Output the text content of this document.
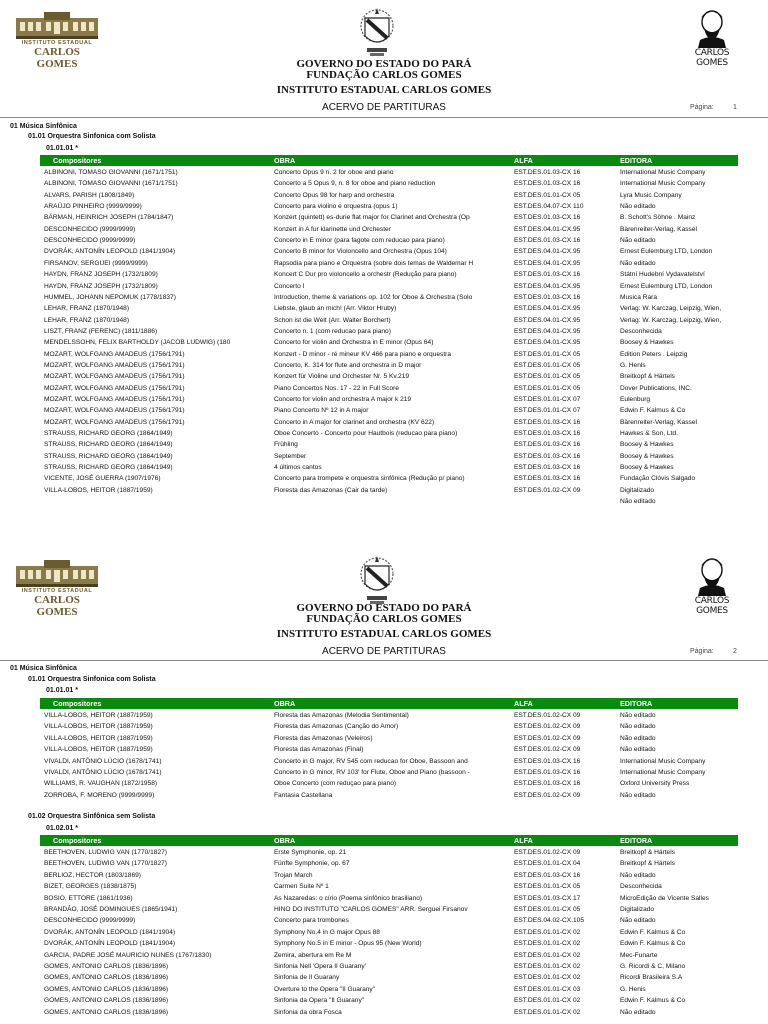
INSTITUTO ESTADUAL
CARLOS GOMES
FUNDAÇÃO
CARLOS GOMES
GOVERNO DO ESTADO DO PARÁ
FUNDAÇÃO CARLOS GOMES
INSTITUTO ESTADUAL CARLOS GOMES
ACERVO DE PARTITURAS	Página:	1
01 Música Sinfônica
01.01 Orquestra Sinfonica com Solista
01.01.01 *
Compositores	OBRA	ALFA	EDITORA
ALBINONI, TOMASO GIOVANNI (1671/1751)	Concerto Opus 9 n. 2 for oboe and piano	EST.DES.01.03-CX 16	International Music Company
ALBINONI, TOMASO GIOVANNI (1671/1751)	Concerto a 5 Opus 9, n. 8 for oboe and piano reduction	EST.DES.01.03-CX 16	International Music Company
ALVARS, PARISH (1808/1849)	Concerto Opus 98 for harp and orchestra	EST.DES.01.01-CX 05	Lyra Music Company
ARAÚJO PINHEIRO (9999/9999)	Concerto para violino e orquestra (opus 1)	EST.DES.04.07-CX 110	Não editado
BÄRMAN, HEINRICH JOSEPH (1784/1847)	Konzert (quintett) es-durie flat major for Clarinet and Orchestra (Op	EST.DES.01.03-CX 16	B. Schott's Söhne . Mainz
DESCONHECIDO (9999/9999)	Konzert in A fur klarinette und Orchester	EST.DES.04.01-CX.95	Bärenreiter-Verlag, Kassel
DESCONHECIDO (9999/9999)	Concerto in E minor (para fagote com reducao para piano)	EST.DES.01.03-CX 16	Não editado
DVORÁK, ANTONÍN LEOPOLD (1841/1904)	Concerto B minor for Violoncello and Orchestra (Opus 104)	EST.DES.04.01-CX.95	Ernest Eulemburg LTD, London
FIRSANOV, SERGUEI (9999/9999)	Rapsodia para piano e Orquestra (sobre dois temas de Waldemar H	EST.DES.04.01-CX.95	Não editado
HAYDN, FRANZ JOSEPH (1732/1809)	Koncert C Dur pro violoncello a orchestr (Redução para piano)	EST.DES.01.03-CX 16	Státní Hudební Vydavatelství
HAYDN, FRANZ JOSEPH (1732/1809)	Concerto I	EST.DES.04.01-CX.95	Ernest Eulemburg LTD, London
HUMMEL, JOHANN NEPOMUK (1778/1837)	Introduction, theme & variations op. 102 for Oboe & Orchestra (Solo	EST.DES.01.03-CX 16	Musica Rara
LEHAR, FRANZ (1870/1948)	Liebste, glaub an mich! (Arr. Viktor Hruby)	EST.DES.04.01-CX.95	Verlag: W. Karczag, Leipzig, Wien,
LEHAR, FRANZ (1870/1948)	Schon ist die Welt (Arr. Walter Borchert)	EST.DES.04.01-CX.95	Verlag: W. Karczag, Leipzig, Wien,
LISZT, FRANZ (FERENC) (1811/1886)	Concerto n. 1 (com reducao para piano)	EST.DES.04.01-CX.95	Desconhecida
MENDELSSOHN, FELIX BARTHOLDY (JACOB LUDWIG) (180	Concerto for violin and Orchestra in E minor (Opus 64)	EST.DES.04.01-CX.95	Boosey & Hawkes
MOZART, WOLFGANG AMADEUS (1756/1791)	Konzert - D minor - ré mineur KV 466 para piano e orquestra	EST.DES.01.01-CX 05	Edition Peters . Leipzig
MOZART, WOLFGANG AMADEUS (1756/1791)	Concerto, K. 314 for flute and orchestra in D major	EST.DES.01.01-CX 05	G. Henls
MOZART, WOLFGANG AMADEUS (1756/1791)	Konzert für Violine und Orchester Nr. 5 Kv.219	EST.DES.01.01-CX 05	Breitkopf & Härtels
MOZART, WOLFGANG AMADEUS (1756/1791)	Piano Concertos Nos. 17 - 22 in Full Score	EST.DES.01.01-CX 05	Dover Publications, INC.
MOZART, WOLFGANG AMADEUS (1756/1791)	Concerto for violin and orchestra A major k 219	EST.DES.01.01-CX 07	Eulenburg
MOZART, WOLFGANG AMADEUS (1756/1791)	Piano Concerto Nº 12 in A major	EST.DES.01.01-CX 07	Edwin F. Kalmus & Co
MOZART, WOLFGANG AMADEUS (1756/1791)	Concerto in A major for clarinet and orchestra (KV 622)	EST.DES.01.03-CX 16	Bärenreiter-Verlag, Kassel
STRAUSS, RICHARD GEORG (1864/1949)	Oboe Concerto - Concerto pour Hautbois (reducao para piano)	EST.DES.01.03-CX 16	Hawkes & Son, Ltd.
STRAUSS, RICHARD GEORG (1864/1949)	Frühling	EST.DES.01.03-CX 16	Boosey & Hawkes
STRAUSS, RICHARD GEORG (1864/1949)	September	EST.DES.01.03-CX 16	Boosey & Hawkes
STRAUSS, RICHARD GEORG (1864/1949)	4 últimos cantos	EST.DES.01.03-CX 16	Boosey & Hawkes
VICENTE, JOSÉ GUERRA (1907/1976)	Concerto para trompete e orquestra sinfônica (Redução p/ piano)	EST.DES.01.03-CX 16	Fundação Clóvis Salgado
VILLA-LOBOS, HEITOR (1887/1959)	Floresta das Amazonas (Cair da tarde)	EST.DES.01.02-CX 09	Digitalizado
Não editado
INSTITUTO ESTADUAL
CARLOS GOMES
FUNDAÇÃO
CARLOS GOMES
GOVERNO DO ESTADO DO PARÁ
FUNDAÇÃO CARLOS GOMES
INSTITUTO ESTADUAL CARLOS GOMES
ACERVO DE PARTITURAS	Página:	2
01 Música Sinfônica
01.01 Orquestra Sinfonica com Solista
01.01.01 *
Compositores	OBRA	ALFA	EDITORA
VILLA-LOBOS, HEITOR (1887/1959)	Floresta das Amazonas (Melodia Sentimental)	EST.DES.01.02-CX 09	Não editado
VILLA-LOBOS, HEITOR (1887/1959)	Floresta das Amazonas (Canção do Amor)	EST.DES.01.02-CX 09	Não editado
VILLA-LOBOS, HEITOR (1887/1959)	Floresta das Amazonas (Veleiros)	EST.DES.01.02-CX 09	Não editado
VILLA-LOBOS, HEITOR (1887/1959)	Floresta das Amazonas (Final)	EST.DES.01.02-CX 09	Não editado
VIVALDI, ANTÔNIO LÚCIO (1678/1741)	Concerto in G major, RV 545 com reducao for Oboe, Bassoon and	EST.DES.01.03-CX 16	International Music Company
VIVALDI, ANTÔNIO LÚCIO (1678/1741)	Concerto in G minor, RV 103' for Flute, Oboe and Piano (bassoon -	EST.DES.01.03-CX 16	International Music Company
WILLIAMS, R. VAUGHAN (1872/1958)	Oboe Concerto (com reduçao para piano)	EST.DES.01.03-CX 16	Oxford University Press
ZORROBA, F. MORENO (9999/9999)	Fantasia Castellana	EST.DES.01.02-CX 09	Não editado
01.02 Orquestra Sinfônica sem Solista
01.02.01 *
Compositores	OBRA	ALFA	EDITORA
BEETHOVEN, LUDWIG VAN (1770/1827)	Erste Symphonie, op. 21	EST.DES.01.02-CX 09	Breitkopf & Härtels
BEETHOVEN, LUDWIG VAN (1770/1827)	Fünfte Symphonie, op. 67	EST.DES.01.01-CX 04	Breitkopf & Härtels
BERLIOZ, HECTOR (1803/1869)	Trojan March	EST.DES.01.03-CX 16	Não editado
BIZET, GEORGES (1838/1875)	Carmen Suite Nº 1	EST.DES.01.01-CX 05	Desconhecida
BOSIO, ETTORE (1861/1936)	As Nazaredas: o círio (Poema sinfônico brasiliano)	EST.DES.01.03-CX 17	MicroEdição de Vicente Salles
BRANDÃO, JOSÉ DOMINGUES (1865/1941)	HINO DO INSTITUTO "CARLOS GOMES" ARR. Serguei Firsanov	EST.DES.01.01-CX 05	Digitalizado
DESCONHECIDO (9999/9999)	Concerto para trombones	EST.DES.04.02-CX.105	Não editado
DVORÁK, ANTONÍN LEOPOLD (1841/1904)	Symphony No.4 in G major Opus 88	EST.DES.01.01-CX 02	Edwin F. Kalmus & Co
DVORÁK, ANTONÍN LEOPOLD (1841/1904)	Symphony No.5 in E minor - Opus 95 (New World)	EST.DES.01.01-CX 02	Edwin F. Kalmus & Co
GARCIA, PADRE JOSÉ MAURICIO NUNES (1767/1830)	Zemira, abertura em Re M	EST.DES.01.01-CX 02	Mec-Funarte
GOMES, ANTONIO CARLOS (1836/1896)	Sinfonia Nell 'Opera Il Guarany'	EST.DES.01.01-CX 02	G. Ricordi & C, Milano
GOMES, ANTONIO CARLOS (1836/1896)	Sinfonia de Il Guarany	EST.DES.01.01-CX 02	Ricordi Brasileira S.A
GOMES, ANTONIO CARLOS (1836/1896)	Overture to the Opera "Il Guarany"	EST.DES.01.01-CX 03	G. Henis
GOMES, ANTONIO CARLOS (1836/1896)	Sinfonia da Opera "Il Guarany"	EST.DES.01.01-CX 02	Edwin F. Kalmus & Co
GOMES, ANTONIO CARLOS (1836/1896)	Sinfonia da obra Fosca	EST.DES.01.01-CX 02	Não editado
